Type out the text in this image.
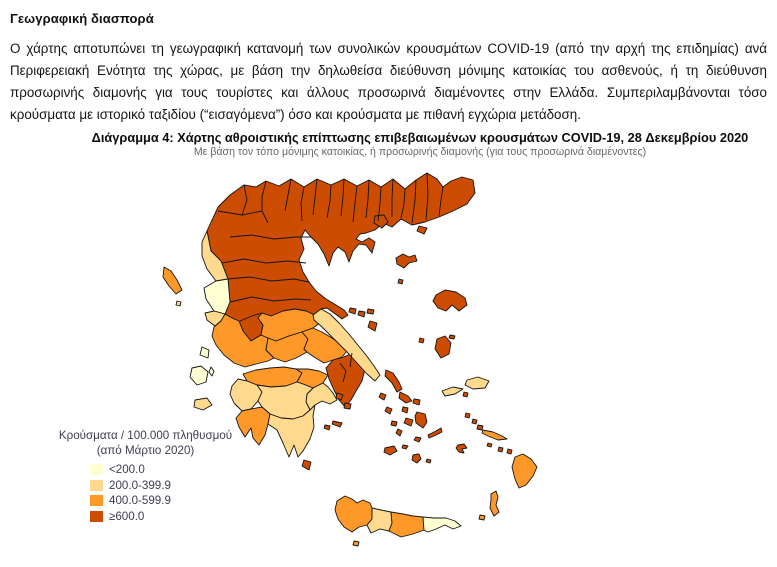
Γεωγραφική διασπορά

Ο χάρτης αποτυπώνει τη γεωγραφική κατανομή των συνολικών κρουσμάτων COVID-19 (από την αρχή της επιδημίας) ανά Περιφερειακή Ενότητα της χώρας, με βάση την δηλωθείσα διεύθυνση μόνιμης κατοικίας του ασθενούς, ή τη διεύθυνση προσωρινής διαμονής για τους τουρίστες και άλλους προσωρινά διαμένοντες στην Ελλάδα. Συμπεριλαμβάνονται τόσο κρούσματα με ιστορικό ταξιδίου (“εισαγόμενα”) όσο και κρούσματα με πιθανή εγχώρια μετάδοση.

Διάγραμμα 4: Χάρτης αθροιστικής επίπτωσης επιβεβαιωμένων κρουσμάτων COVID-19, 28 Δεκεμβρίου 2020
Με βάση τον τόπο μόνιμης κατοικίας, ή προσωρινής διαμονής (για τους προσωρινά διαμένοντες)
Κρούσματα / 100.000 πληθυσμού
(από Μάρτιο 2020)
<200.0
200.0-399.9
400.0-599.9
≥600.0
